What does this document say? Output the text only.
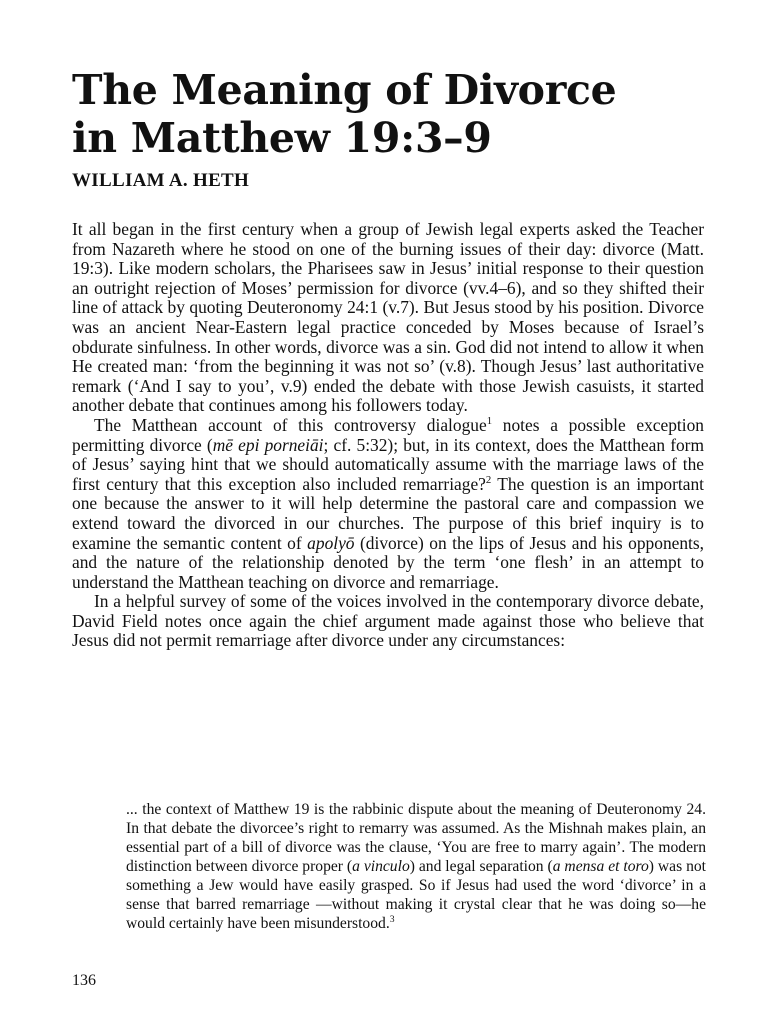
The Meaning of Divorce
in Matthew 19:3–9
WILLIAM A. HETH

It all began in the first century when a group of Jewish legal experts asked the Teacher from Nazareth where he stood on one of the burning issues of their day: divorce (Matt. 19:3). Like modern scholars, the Pharisees saw in Jesus’ initial response to their question an outright rejection of Moses’ permission for divorce (vv.4–6), and so they shifted their line of attack by quoting Deuteronomy 24:1 (v.7). But Jesus stood by his position. Divorce was an ancient Near-Eastern legal practice conceded by Moses because of Israel’s obdurate sinfulness. In other words, divorce was a sin. God did not intend to allow it when He created man: ‘from the beginning it was not so’ (v.8). Though Jesus’ last authoritative remark (‘And I say to you’, v.9) ended the debate with those Jewish casuists, it started another debate that continues among his followers today.

The Matthean account of this controversy dialogue$^1$ notes a possible exception permitting divorce (mē epi porneiāi; cf. 5:32); but, in its context, does the Matthean form of Jesus’ saying hint that we should automatically assume with the marriage laws of the first century that this exception also included remarriage?$^2$ The question is an important one because the answer to it will help determine the pastoral care and compassion we extend toward the divorced in our churches. The purpose of this brief inquiry is to examine the semantic content of apolyō (divorce) on the lips of Jesus and his opponents, and the nature of the relationship denoted by the term ‘one flesh’ in an attempt to understand the Matthean teaching on divorce and remarriage.

In a helpful survey of some of the voices involved in the contemporary divorce debate, David Field notes once again the chief argument made against those who believe that Jesus did not permit remarriage after divorce under any circumstances:

... the context of Matthew 19 is the rabbinic dispute about the meaning of Deuteronomy 24. In that debate the divorcee’s right to remarry was assumed. As the Mishnah makes plain, an essential part of a bill of divorce was the clause, ‘You are free to marry again’. The modern distinction between divorce proper (a vinculo) and legal separation (a mensa et toro) was not something a Jew would have easily grasped. So if Jesus had used the word ‘divorce’ in a sense that barred remarriage —without making it crystal clear that he was doing so—he would certainly have been misunderstood.$^3$

136
